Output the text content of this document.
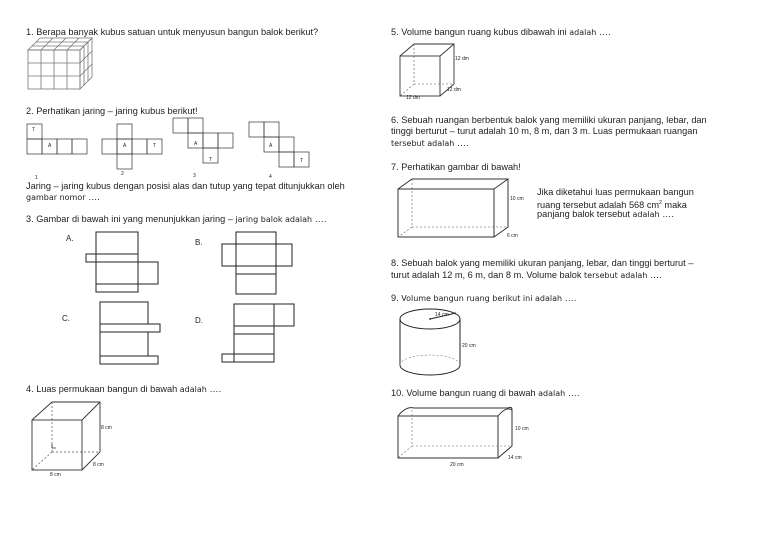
1. Berapa banyak kubus satuan untuk menyusun bangun balok berikut?
2. Perhatikan jaring – jaring kubus berikut!
T
A	A	T	A
T
A
T
1
2	3	4
Jaring – jaring kubus dengan posisi alas dan tutup yang tepat ditunjukkan oleh
gambar nomor ….
3. Gambar di bawah ini yang menunjukkan jaring – jaring balok adalah ….
A.	B.
C.	D.
4. Luas permukaan bangun di bawah adalah ….
8 cm
8 cm
8 cm
5. Volume bangun ruang kubus dibawah ini adalah ….
12 dm
12 dm
12 dm
6. Sebuah ruangan berbentuk balok yang memiliki ukuran panjang, lebar, dan
tinggi berturut – turut adalah 10 m, 8 m, dan 3 m. Luas permukaan ruangan
tersebut adalah ….
7. Perhatikan gambar di bawah!
10 cm
6 cm
Jika diketahui luas permukaan bangun
ruang tersebut adalah 568 $cm^2$ maka
panjang balok tersebut adalah ….
8. Sebuah balok yang memiliki ukuran panjang, lebar, dan tinggi berturut –
turut adalah 12 m, 6 m, dan 8 m. Volume balok tersebut adalah ….
9. Volume bangun ruang berikut ini adalah ….
14 cm
20 cm
10. Volume bangun ruang di bawah adalah ….
10 cm
14 cm
20 cm
